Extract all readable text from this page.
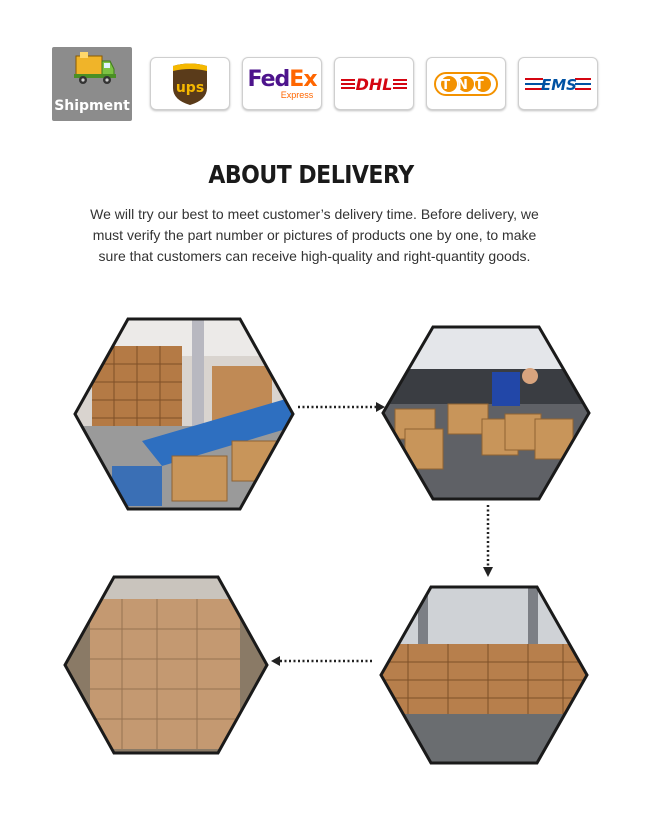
Shipment
ups FedEx
Express
DHL	TNT	EMS
ABOUT DELIVERY
We will try our best to meet customer’s delivery time. Before delivery, we must verify the part number or pictures of products one by one, to make sure that customers can receive high-quality and right-quantity goods.
